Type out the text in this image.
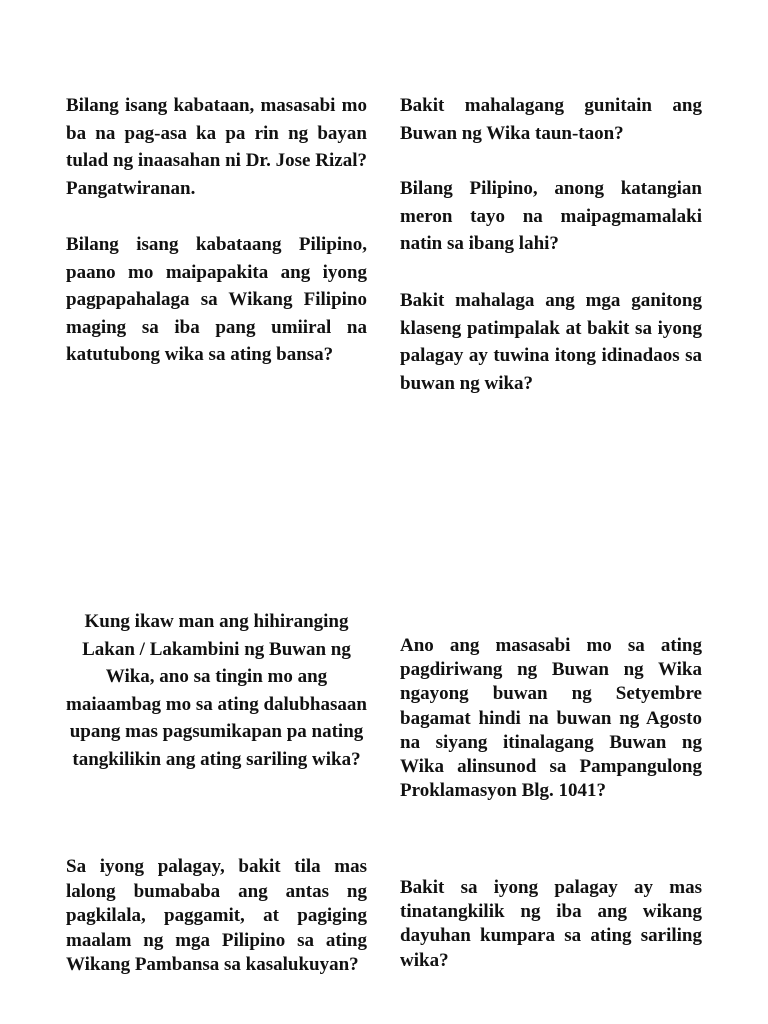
Bilang isang kabataan, masasabi mo ba na pag-asa ka pa rin ng bayan tulad ng inaasahan ni Dr. Jose Rizal? Pangatwiranan.

Bilang isang kabataang Pilipino, paano mo maipapakita ang iyong pagpapahalaga sa Wikang Filipino maging sa iba pang umiiral na katutubong wika sa ating bansa?

Bakit mahalagang gunitain ang Buwan ng Wika taun-taon?

Bilang Pilipino, anong katangian meron tayo na maipagmamalaki natin sa ibang lahi?

Bakit mahalaga ang mga ganitong klaseng patimpalak at bakit sa iyong palagay ay tuwina itong idinadaos sa buwan ng wika?

Kung ikaw man ang hihiranging Lakan / Lakambini ng Buwan ng Wika, ano sa tingin mo ang maiaambag mo sa ating dalubhasaan upang mas pagsumikapan pa nating tangkilikin ang ating sariling wika?

Ano ang masasabi mo sa ating pagdiriwang ng Buwan ng Wika ngayong buwan ng Setyembre bagamat hindi na buwan ng Agosto na siyang itinalagang Buwan ng Wika alinsunod sa Pampangulong Proklamasyon Blg. 1041?

Sa iyong palagay, bakit tila mas lalong bumababa ang antas ng pagkilala, paggamit, at pagiging maalam ng mga Pilipino sa ating Wikang Pambansa sa kasalukuyan?

Bakit sa iyong palagay ay mas tinatangkilik ng iba ang wikang dayuhan kumpara sa ating sariling wika?
